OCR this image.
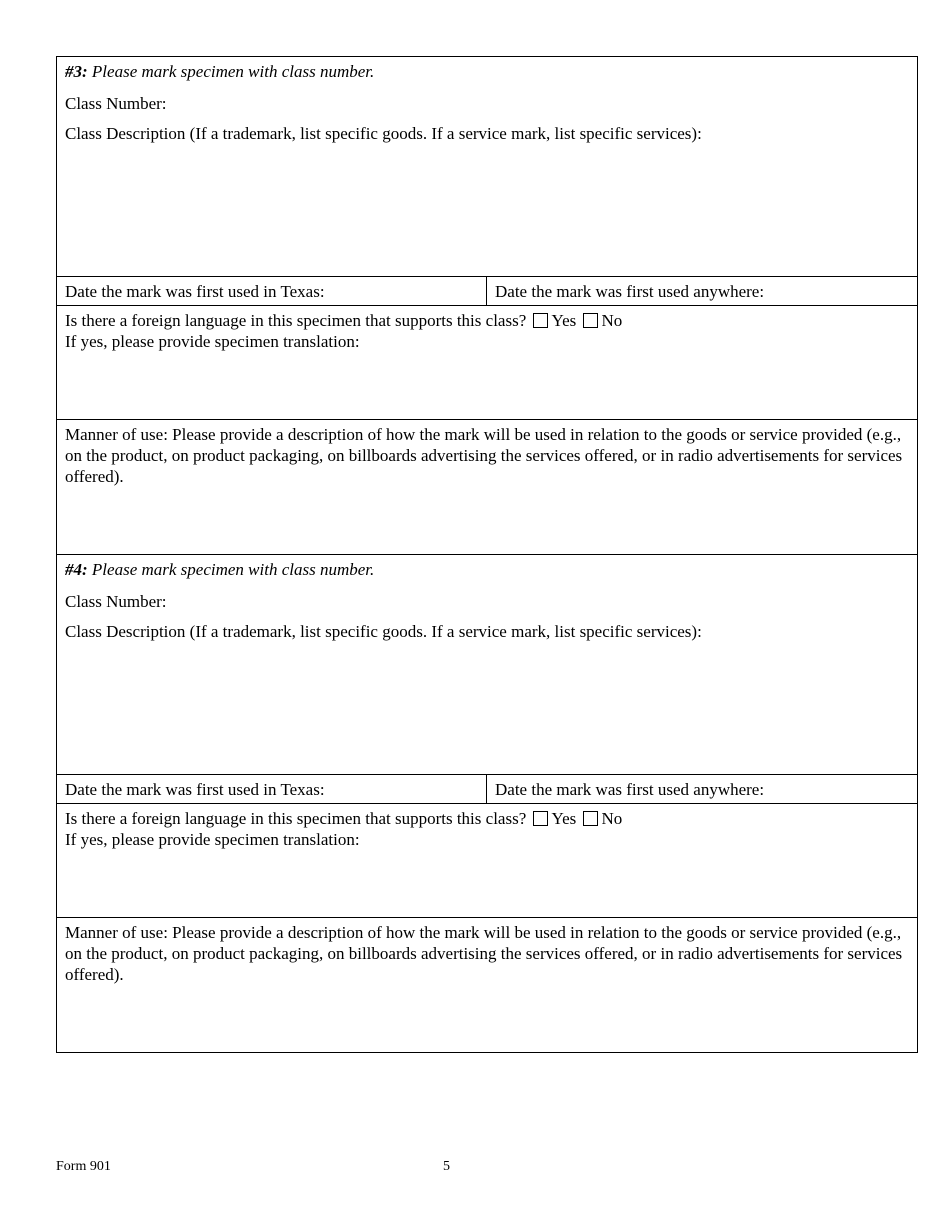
#3: Please mark specimen with class number.

Class Number:

Class Description (If a trademark, list specific goods. If a service mark, list specific services):

Date the mark was first used in Texas:	Date the mark was first used anywhere:
Is there a foreign language in this specimen that supports this class? Yes No
If yes, please provide specimen translation:

Manner of use: Please provide a description of how the mark will be used in relation to the goods or service provided (e.g., on the product, on product packaging, on billboards advertising the services offered, or in radio advertisements for services offered).

#4: Please mark specimen with class number.

Class Number:

Class Description (If a trademark, list specific goods. If a service mark, list specific services):

Date the mark was first used in Texas:	Date the mark was first used anywhere:
Is there a foreign language in this specimen that supports this class? Yes No
If yes, please provide specimen translation:

Manner of use: Please provide a description of how the mark will be used in relation to the goods or service provided (e.g., on the product, on product packaging, on billboards advertising the services offered, or in radio advertisements for services offered).

Form 901	5
